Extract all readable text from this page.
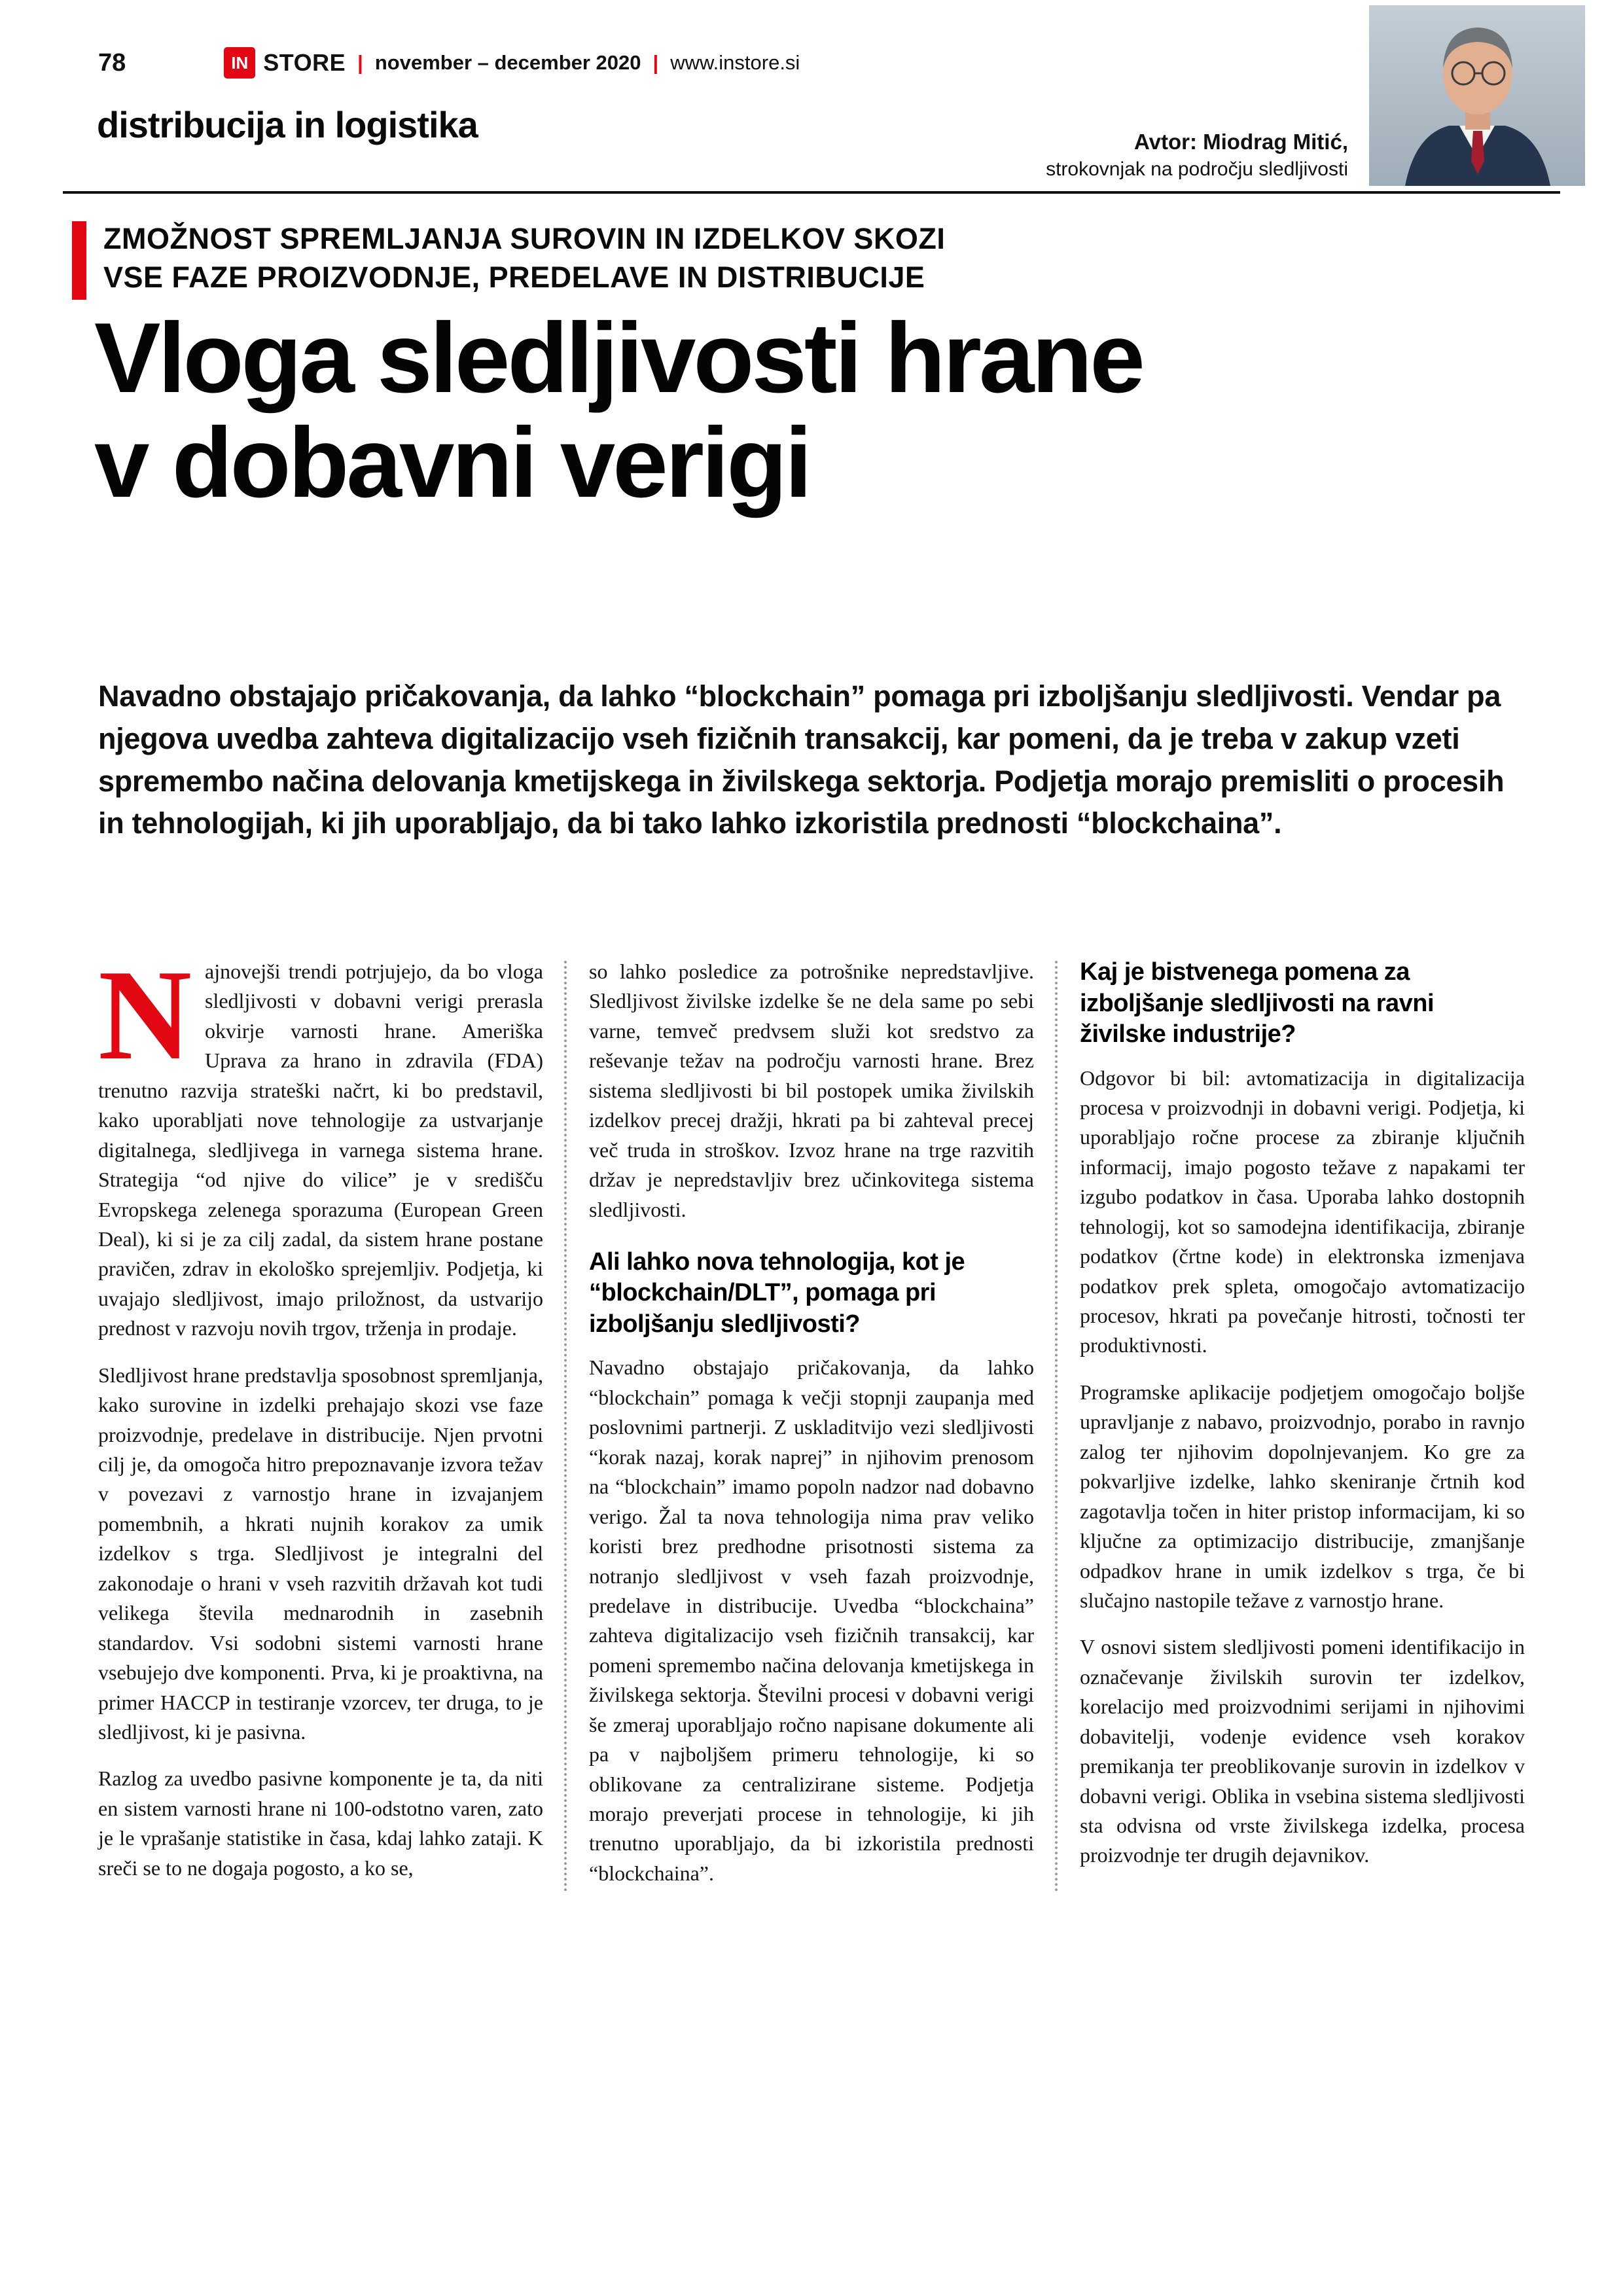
78	IN STORE | november – december 2020 | www.instore.si
distribucija in logistika	Avtor: Miodrag Mitić,
strokovnjak na področju sledljivosti
ZMOŽNOST SPREMLJANJA SUROVIN IN IZDELKOV SKOZI
VSE FAZE PROIZVODNJE, PREDELAVE IN DISTRIBUCIJE
Vloga sledljivosti hrane
v dobavni verigi

Navadno obstajajo pričakovanja, da lahko “blockchain” pomaga pri izboljšanju sledljivosti. Vendar pa njegova uvedba zahteva digitalizacijo vseh fizičnih transakcij, kar pomeni, da je treba v zakup vzeti spremembo načina delovanja kmetijskega in živilskega sektorja. Podjetja morajo premisliti o procesih in tehnologijah, ki jih uporabljajo, da bi tako lahko izkoristila prednosti “blockchaina”.

Najnovejši trendi potrjujejo, da bo vloga sledljivosti v dobavni verigi prerasla okvirje varnosti hrane. Ameriška Uprava za hrano in zdravila (FDA) trenutno razvija strateški načrt, ki bo predstavil, kako uporabljati nove tehnologije za ustvarjanje digitalnega, sledljivega in varnega sistema hrane. Strategija “od njive do vilice” je v središču Evropskega zelenega sporazuma (European Green Deal), ki si je za cilj zadal, da sistem hrane postane pravičen, zdrav in ekološko sprejemljiv. Podjetja, ki uvajajo sledljivost, imajo priložnost, da ustvarijo prednost v razvoju novih trgov, trženja in prodaje.

Sledljivost hrane predstavlja sposobnost spremljanja, kako surovine in izdelki prehajajo skozi vse faze proizvodnje, predelave in distribucije. Njen prvotni cilj je, da omogoča hitro prepoznavanje izvora težav v povezavi z varnostjo hrane in izvajanjem pomembnih, a hkrati nujnih korakov za umik izdelkov s trga. Sledljivost je integralni del zakonodaje o hrani v vseh razvitih državah kot tudi velikega števila mednarodnih in zasebnih standardov. Vsi sodobni sistemi varnosti hrane vsebujejo dve komponenti. Prva, ki je proaktivna, na primer HACCP in testiranje vzorcev, ter druga, to je sledljivost, ki je pasivna.

Razlog za uvedbo pasivne komponente je ta, da niti en sistem varnosti hrane ni 100-odstotno varen, zato je le vprašanje statistike in časa, kdaj lahko zataji. K sreči se to ne dogaja pogosto, a ko se,

so lahko posledice za potrošnike nepredstavljive. Sledljivost živilske izdelke še ne dela same po sebi varne, temveč predvsem služi kot sredstvo za reševanje težav na področju varnosti hrane. Brez sistema sledljivosti bi bil postopek umika živilskih izdelkov precej dražji, hkrati pa bi zahteval precej več truda in stroškov. Izvoz hrane na trge razvitih držav je nepredstavljiv brez učinkovitega sistema sledljivosti.

Ali lahko nova tehnologija, kot je “blockchain/DLT”, pomaga pri izboljšanju sledljivosti?

Navadno obstajajo pričakovanja, da lahko “blockchain” pomaga k večji stopnji zaupanja med poslovnimi partnerji. Z uskladitvijo vezi sledljivosti “korak nazaj, korak naprej” in njihovim prenosom na “blockchain” imamo popoln nadzor nad dobavno verigo. Žal ta nova tehnologija nima prav veliko koristi brez predhodne prisotnosti sistema za notranjo sledljivost v vseh fazah proizvodnje, predelave in distribucije. Uvedba “blockchaina” zahteva digitalizacijo vseh fizičnih transakcij, kar pomeni spremembo načina delovanja kmetijskega in živilskega sektorja. Številni procesi v dobavni verigi še zmeraj uporabljajo ročno napisane dokumente ali pa v najboljšem primeru tehnologije, ki so oblikovane za centralizirane sisteme. Podjetja morajo preverjati procese in tehnologije, ki jih trenutno uporabljajo, da bi izkoristila prednosti “blockchaina”.

Kaj je bistvenega pomena za izboljšanje sledljivosti na ravni živilske industrije?

Odgovor bi bil: avtomatizacija in digitalizacija procesa v proizvodnji in dobavni verigi. Podjetja, ki uporabljajo ročne procese za zbiranje ključnih informacij, imajo pogosto težave z napakami ter izgubo podatkov in časa. Uporaba lahko dostopnih tehnologij, kot so samodejna identifikacija, zbiranje podatkov (črtne kode) in elektronska izmenjava podatkov prek spleta, omogočajo avtomatizacijo procesov, hkrati pa povečanje hitrosti, točnosti ter produktivnosti.

Programske aplikacije podjetjem omogočajo boljše upravljanje z nabavo, proizvodnjo, porabo in ravnjo zalog ter njihovim dopolnjevanjem. Ko gre za pokvarljive izdelke, lahko skeniranje črtnih kod zagotavlja točen in hiter pristop informacijam, ki so ključne za optimizacijo distribucije, zmanjšanje odpadkov hrane in umik izdelkov s trga, če bi slučajno nastopile težave z varnostjo hrane.

V osnovi sistem sledljivosti pomeni identifikacijo in označevanje živilskih surovin ter izdelkov, korelacijo med proizvodnimi serijami in njihovimi dobavitelji, vodenje evidence vseh korakov premikanja ter preoblikovanje surovin in izdelkov v dobavni verigi. Oblika in vsebina sistema sledljivosti sta odvisna od vrste živilskega izdelka, procesa proizvodnje ter drugih dejavnikov.
